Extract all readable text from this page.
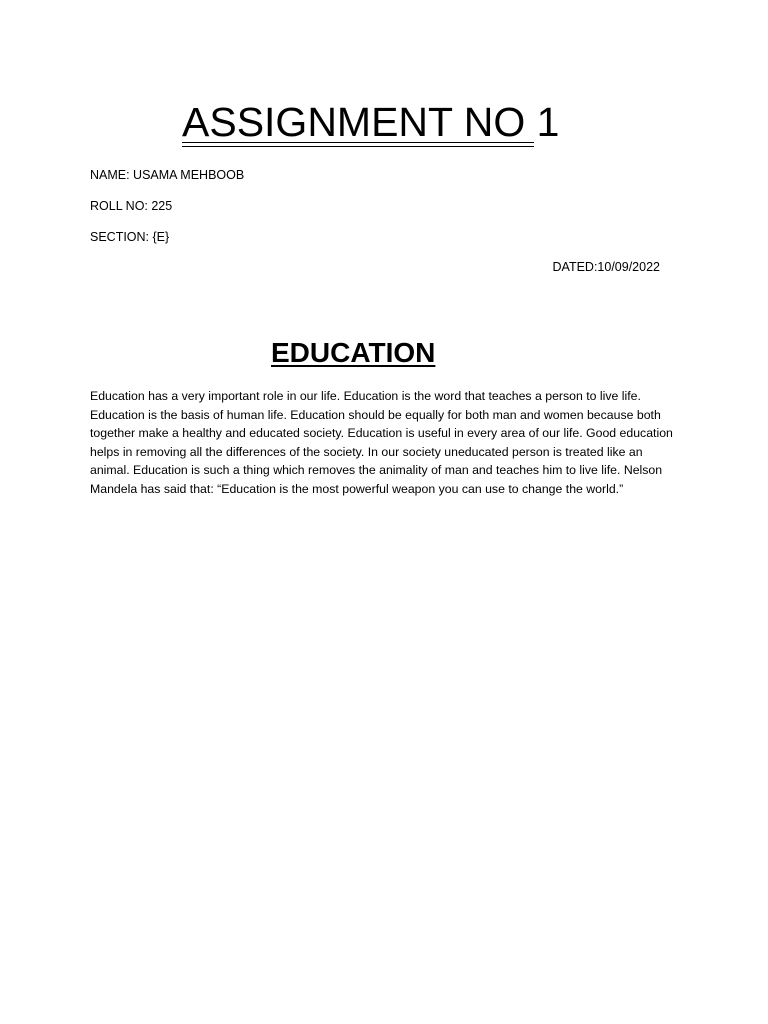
ASSIGNMENT NO 1
NAME: USAMA MEHBOOB
ROLL NO: 225
SECTION: {E}
DATED:10/09/2022
EDUCATION

Education has a very important role in our life. Education is the word that teaches a person to live life. Education is the basis of human life. Education should be equally for both man and women because both together make a healthy and educated society. Education is useful in every area of our life. Good education helps in removing all the differences of the society. In our society uneducated person is treated like an animal. Education is such a thing which removes the animality of man and teaches him to live life. Nelson Mandela has said that: “Education is the most powerful weapon you can use to change the world.”
